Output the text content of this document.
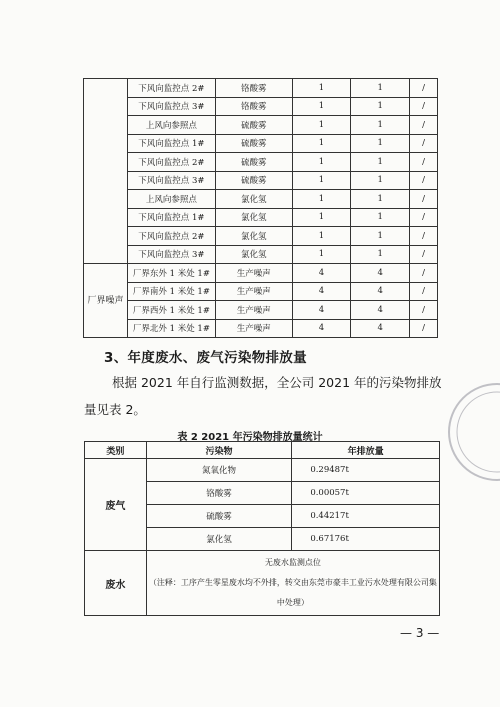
	下风向监控点 2#	铬酸雾	1	1	/
	下风向监控点 3#	铬酸雾	1	1	/
	上风向参照点	硫酸雾	1	1	/
	下风向监控点 1#	硫酸雾	1	1	/
	下风向监控点 2#	硫酸雾	1	1	/
	下风向监控点 3#	硫酸雾	1	1	/
	上风向参照点	氯化氢	1	1	/
	下风向监控点 1#	氯化氢	1	1	/
	下风向监控点 2#	氯化氢	1	1	/
	下风向监控点 3#	氯化氢	1	1	/
厂界噪声	厂界东外 1 米处 1#	生产噪声	4	4	/
	厂界南外 1 米处 1#	生产噪声	4	4	/
	厂界西外 1 米处 1#	生产噪声	4	4	/
	厂界北外 1 米处 1#	生产噪声	4	4	/
3、年度废水、废气污染物排放量
根据 2021 年自行监测数据，全公司 2021 年的污染物排放量见表 2。
表 2 2021 年污染物排放量统计
类别	污染物	年排放量
废气	氮氧化物	0.29487t
	铬酸雾	0.00057t
	硫酸雾	0.44217t
	氯化氢	0.67176t
废水	无废水监测点位
（注释：工序产生零星废水均不外排，转交由东莞市豪丰工业污水处理有限公司集中处理）	
— 3 —
